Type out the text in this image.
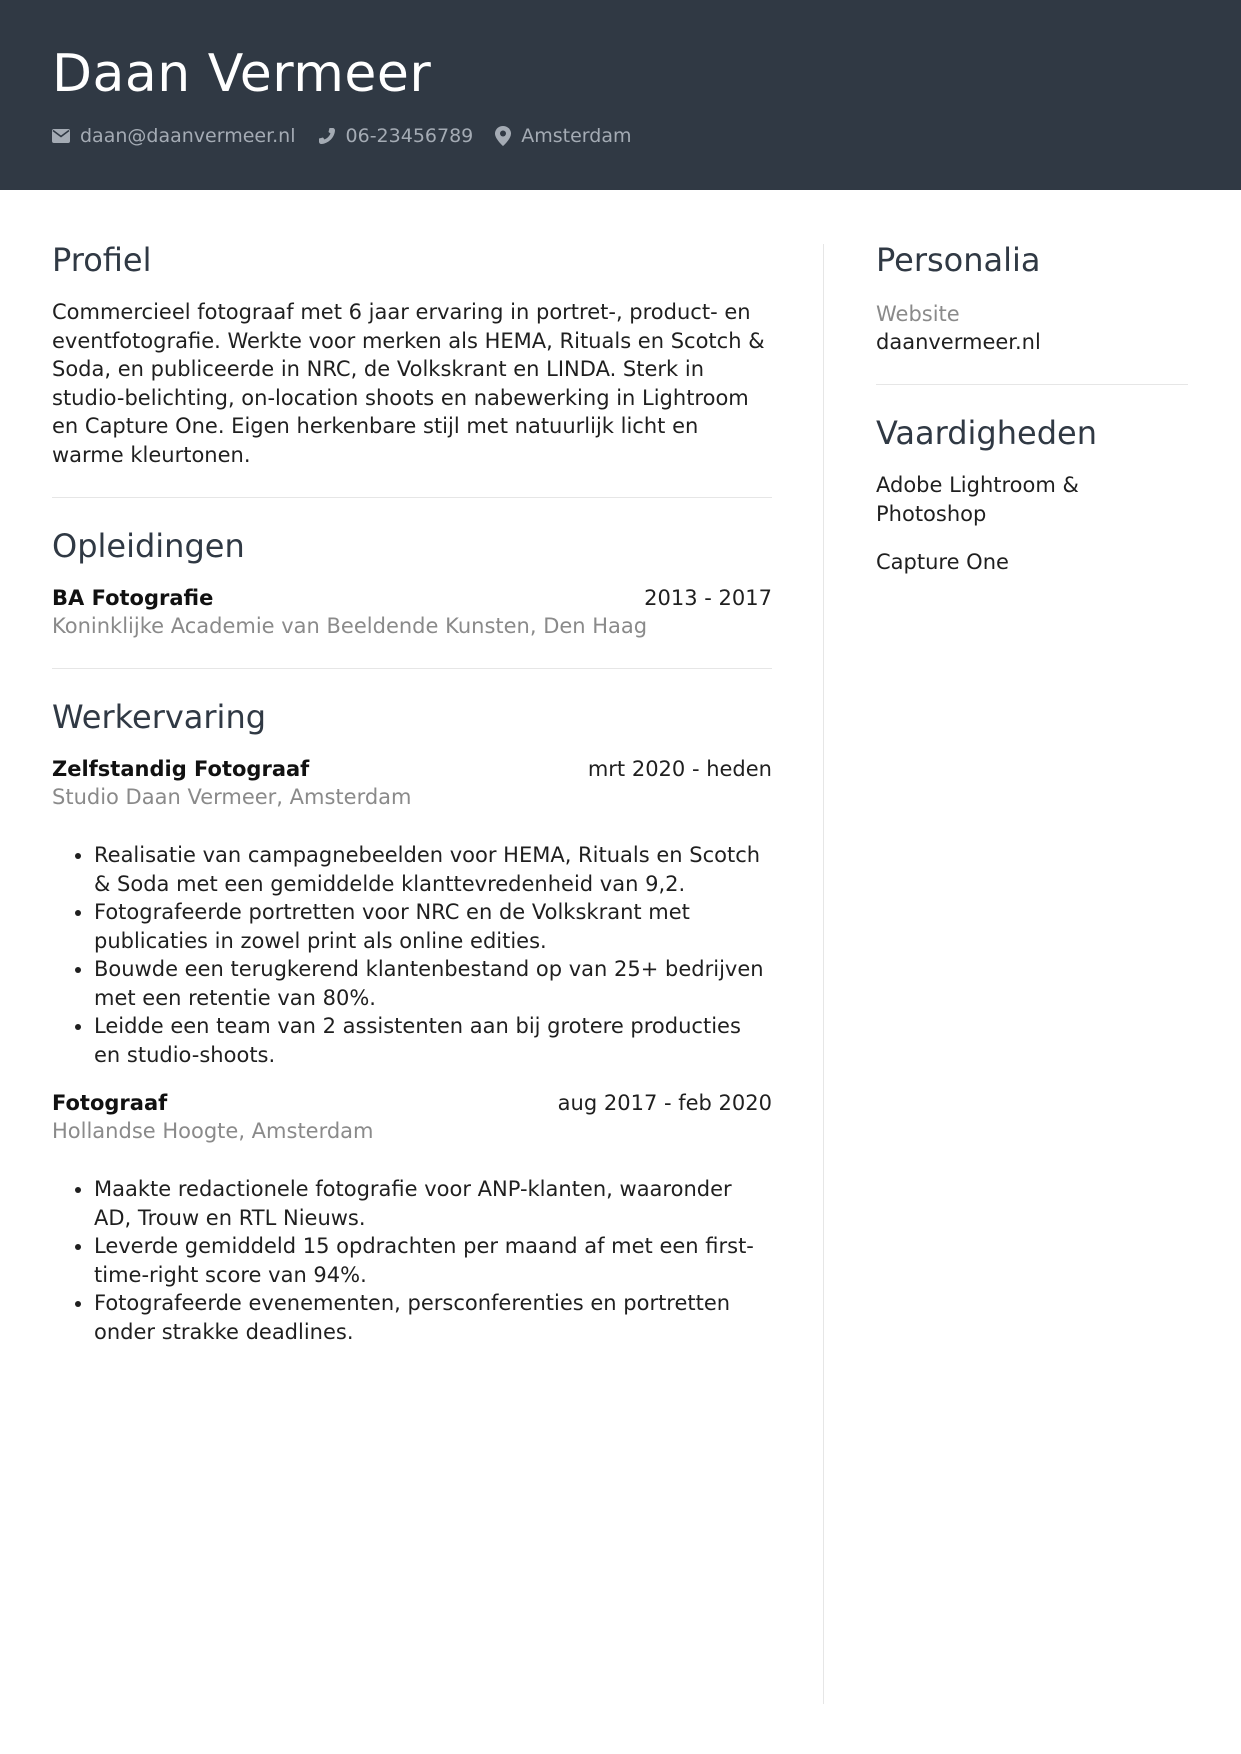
Daan Vermeer
daan@daanvermeer.nl	06-23456789	Amsterdam
Profiel

Commercieel fotograaf met 6 jaar ervaring in portret-, product- en eventfotografie. Werkte voor merken als HEMA, Rituals en Scotch & Soda, en publiceerde in NRC, de Volkskrant en LINDA. Sterk in studio-belichting, on-location shoots en nabewerking in Lightroom en Capture One. Eigen herkenbare stijl met natuurlijk licht en warme kleurtonen.

Opleidingen
BA Fotografie	2013 - 2017
Koninklijke Academie van Beeldende Kunsten, Den Haag
Werkervaring
Zelfstandig Fotograaf	mrt 2020 - heden
Studio Daan Vermeer, Amsterdam
• Realisatie van campagnebeelden voor HEMA, Rituals en Scotch & Soda met een gemiddelde klanttevredenheid van 9,2.
• Fotografeerde portretten voor NRC en de Volkskrant met publicaties in zowel print als online edities.
• Bouwde een terugkerend klantenbestand op van 25+ bedrijven met een retentie van 80%.
• Leidde een team van 2 assistenten aan bij grotere producties en studio-shoots.
Fotograaf	aug 2017 - feb 2020
Hollandse Hoogte, Amsterdam
• Maakte redactionele fotografie voor ANP-klanten, waaronder AD, Trouw en RTL Nieuws.
• Leverde gemiddeld 15 opdrachten per maand af met een first-time-right score van 94%.
• Fotografeerde evenementen, persconferenties en portretten onder strakke deadlines.
Personalia
Website
daanvermeer.nl
Vaardigheden
Adobe Lightroom & Photoshop
Capture One
